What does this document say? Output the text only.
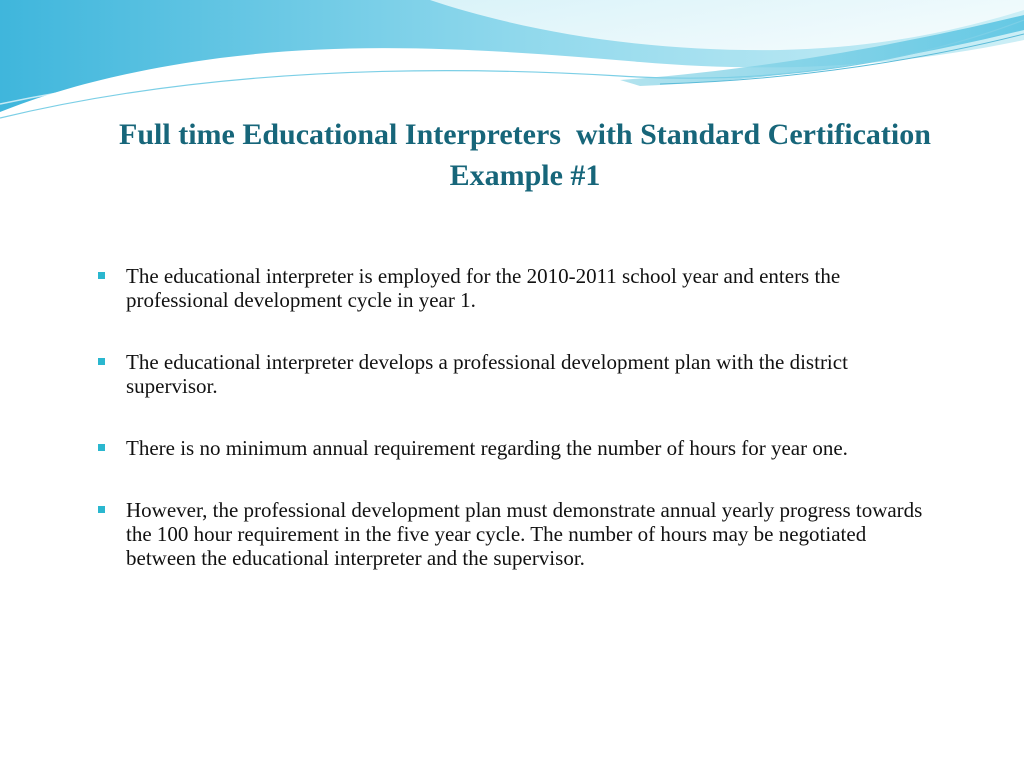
Full time Educational Interpreters  with Standard Certification
Example #1
The educational interpreter is employed for the 2010-2011 school year and enters the professional development cycle in year 1.
The educational interpreter develops a professional development plan with the district supervisor.
There is no minimum annual requirement regarding the number of hours for year one.
However, the professional development plan must demonstrate annual yearly progress towards the 100 hour requirement in the five year cycle. The number of hours may be negotiated between the educational interpreter and the supervisor.
